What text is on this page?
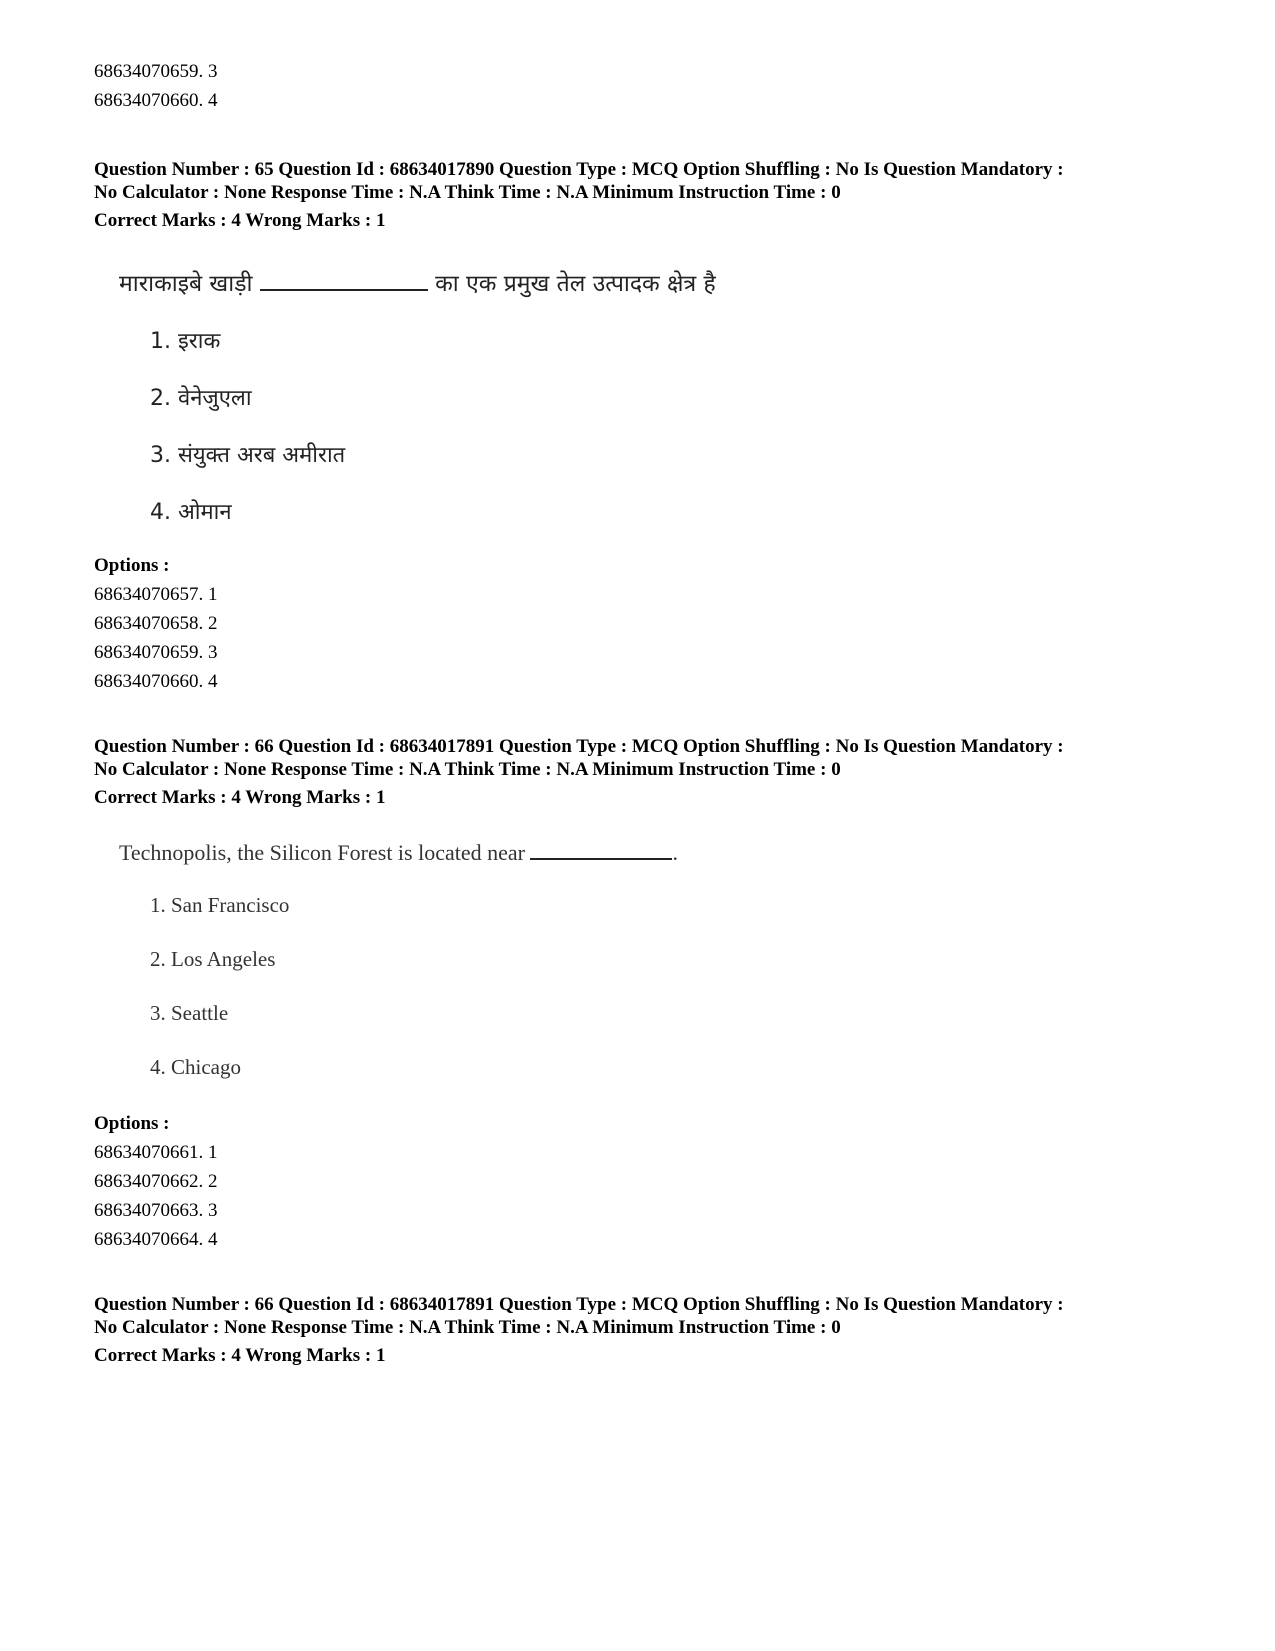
68634070659. 3
68634070660. 4
Question Number : 65 Question Id : 68634017890 Question Type : MCQ Option Shuffling : No Is Question Mandatory :
No Calculator : None Response Time : N.A Think Time : N.A Minimum Instruction Time : 0
Correct Marks : 4 Wrong Marks : 1
माराकाइबे खाड़ी	का एक प्रमुख तेल उत्पादक क्षेत्र है
1. इराक
2. वेनेजुएला
3. संयुक्त अरब अमीरात
4. ओमान
Options :
68634070657. 1
68634070658. 2
68634070659. 3
68634070660. 4
Question Number : 66 Question Id : 68634017891 Question Type : MCQ Option Shuffling : No Is Question Mandatory :
No Calculator : None Response Time : N.A Think Time : N.A Minimum Instruction Time : 0
Correct Marks : 4 Wrong Marks : 1
Technopolis, the Silicon Forest is located near	.
1. San Francisco
2. Los Angeles
3. Seattle
4. Chicago
Options :
68634070661. 1
68634070662. 2
68634070663. 3
68634070664. 4
Question Number : 66 Question Id : 68634017891 Question Type : MCQ Option Shuffling : No Is Question Mandatory :
No Calculator : None Response Time : N.A Think Time : N.A Minimum Instruction Time : 0
Correct Marks : 4 Wrong Marks : 1
